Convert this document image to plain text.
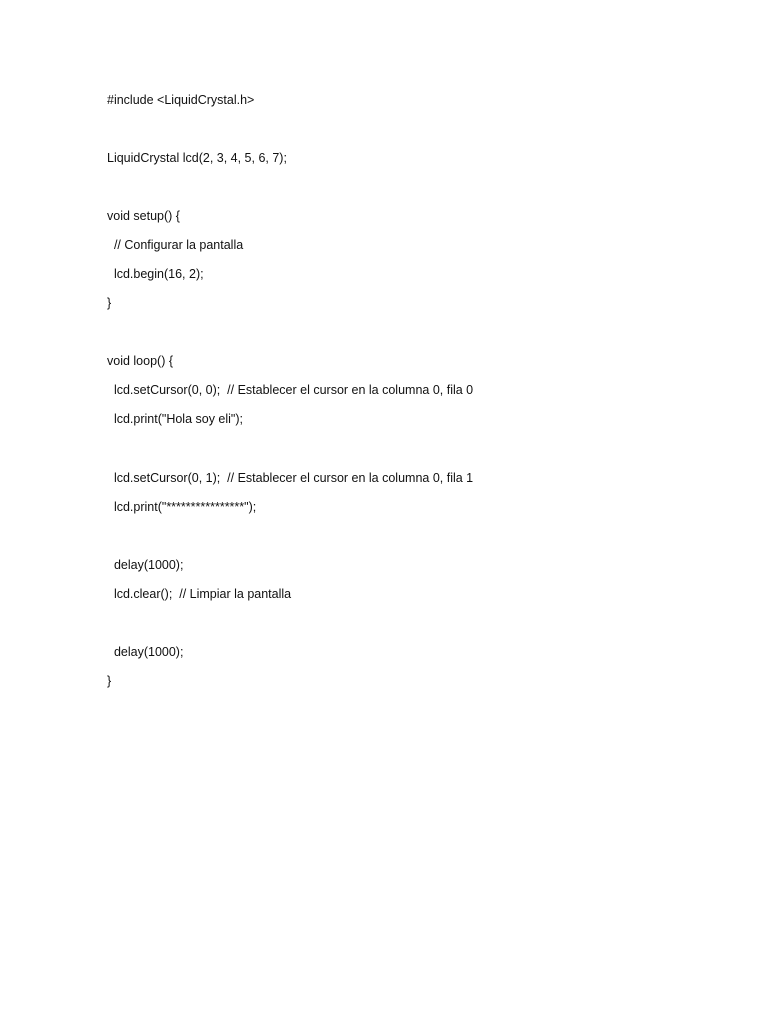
#include <LiquidCrystal.h>

LiquidCrystal lcd(2, 3, 4, 5, 6, 7);

void setup() {

// Configurar la pantalla

lcd.begin(16, 2);

}

void loop() {

lcd.setCursor(0, 0);  // Establecer el cursor en la columna 0, fila 0

lcd.print("Hola soy eli");

lcd.setCursor(0, 1);  // Establecer el cursor en la columna 0, fila 1

lcd.print("****************");

delay(1000);

lcd.clear();  // Limpiar la pantalla

delay(1000);

}
